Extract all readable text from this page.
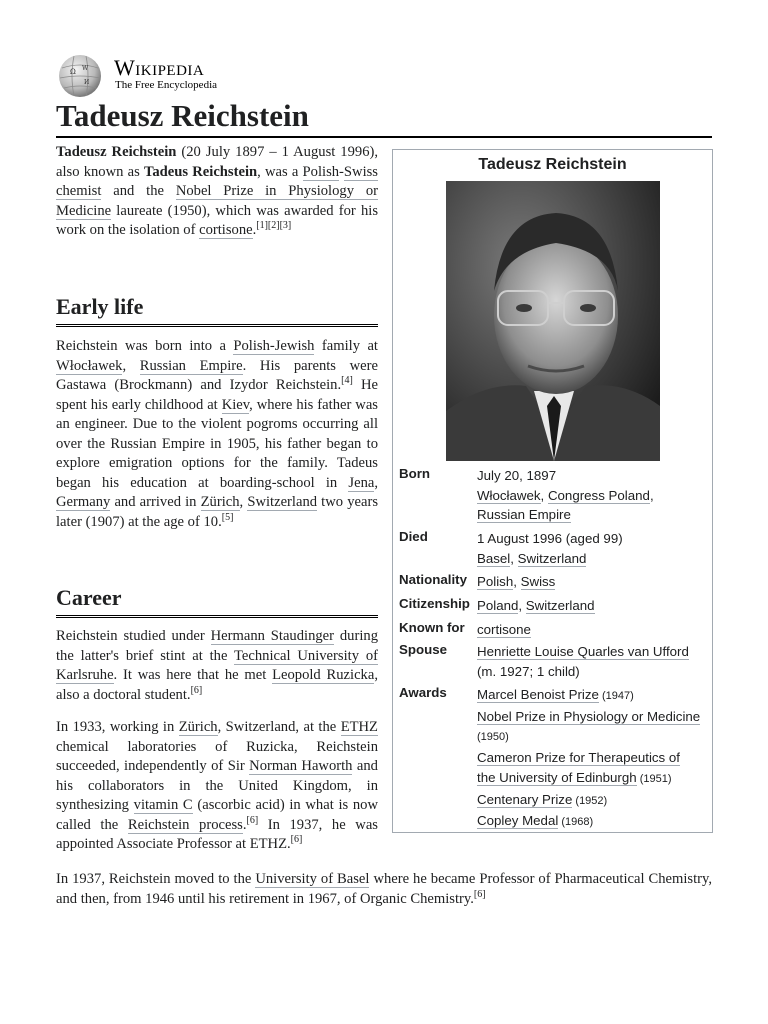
Ω W
И
Wikipedia
The Free Encyclopedia
Tadeusz Reichstein

Tadeusz Reichstein (20 July 1897 – 1 August 1996), also known as Tadeus Reichstein, was a Polish-Swiss chemist and the Nobel Prize in Physiology or Medicine laureate (1950), which was awarded for his work on the isolation of cortisone.[1][2][3]

Early life

Reichstein was born into a Polish-Jewish family at Włocławek, Russian Empire. His parents were Gastawa (Brockmann) and Izydor Reichstein.[4] He spent his early childhood at Kiev, where his father was an engineer. Due to the violent pogroms occurring all over the Russian Empire in 1905, his father began to explore emigration options for the family. Tadeus began his education at boarding-school in Jena, Germany and arrived in Zürich, Switzerland two years later (1907) at the age of 10.[5]

Career

Reichstein studied under Hermann Staudinger during the latter's brief stint at the Technical University of Karlsruhe. It was here that he met Leopold Ruzicka, also a doctoral student.[6]

In 1933, working in Zürich, Switzerland, at the ETHZ chemical laboratories of Ruzicka, Reichstein succeeded, independently of Sir Norman Haworth and his collaborators in the United Kingdom, in synthesizing vitamin C (ascorbic acid) in what is now called the Reichstein process.[6] In 1937, he was appointed Associate Professor at ETHZ.[6]

In 1937, Reichstein moved to the University of Basel where he became Professor of Pharmaceutical Chemistry, and then, from 1946 until his retirement in 1967, of Organic Chemistry.[6]
Tadeusz Reichstein
Born	July 20, 1897
Włocławek, Congress Poland,
Russian Empire
Died	1 August 1996 (aged 99)
Basel, Switzerland
Nationality Polish, Swiss
Citizenship Poland, Switzerland
Known for cortisone
Spouse	Henriette Louise Quarles van Ufford
(m. 1927; 1 child)
Awards	Marcel Benoist Prize (1947)
Nobel Prize in Physiology or Medicine
(1950)
Cameron Prize for Therapeutics of
the University of Edinburgh (1951)
Centenary Prize (1952)
Copley Medal (1968)
